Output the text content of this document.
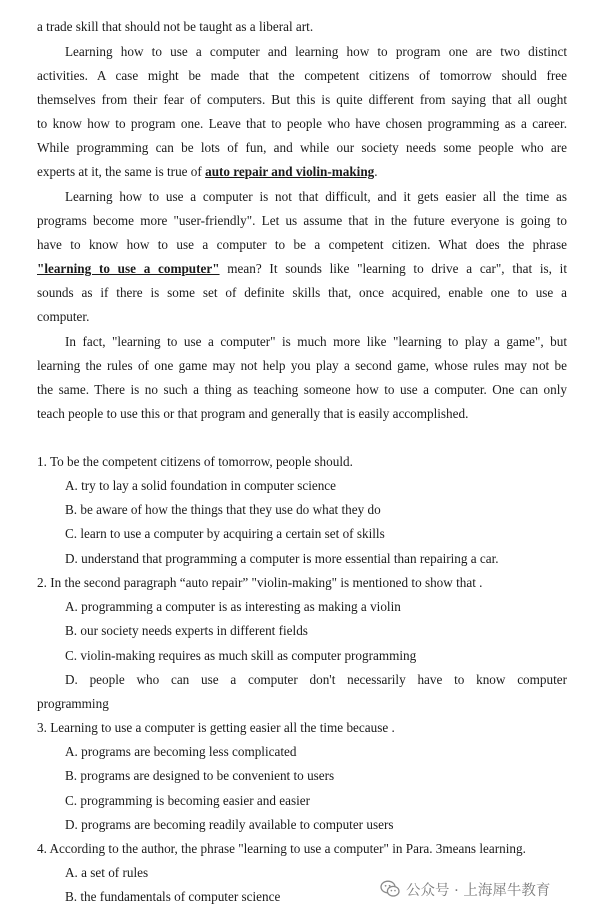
a trade skill that should not be taught as a liberal art.
Learning how to use a computer and learning how to program one are two distinct
activities. A case might be made that the competent citizens of tomorrow should free
themselves from their fear of computers. But this is quite different from saying that all ought
to know how to program one. Leave that to people who have chosen programming as a career.
While programming can be lots of fun, and while our society needs some people who are
experts at it, the same is true of auto repair and violin-making.
Learning how to use a computer is not that difficult, and it gets easier all the time as
programs become more "user-friendly". Let us assume that in the future everyone is going to
have to know how to use a computer to be a competent citizen. What does the phrase
"learning to use a computer" mean? It sounds like "learning to drive a car", that is, it
sounds as if there is some set of definite skills that, once acquired, enable one to use a
computer.
In fact, "learning to use a computer" is much more like "learning to play a game", but
learning the rules of one game may not help you play a second game, whose rules may not be
the same. There is no such a thing as teaching someone how to use a computer. One can only
teach people to use this or that program and generally that is easily accomplished.
1. To be the competent citizens of tomorrow, people should.
A. try to lay a solid foundation in computer science
B. be aware of how the things that they use do what they do
C. learn to use a computer by acquiring a certain set of skills
D. understand that programming a computer is more essential than repairing a car.
2. In the second paragraph “auto repair” "violin-making" is mentioned to show that .
A. programming a computer is as interesting as making a violin
B. our society needs experts in different fields
C. violin-making requires as much skill as computer programming
D. people who can use a computer don't necessarily have to know computer
programming
3. Learning to use a computer is getting easier all the time because .
A. programs are becoming less complicated
B. programs are designed to be convenient to users
C. programming is becoming easier and easier
D. programs are becoming readily available to computer users
4. According to the author, the phrase "learning to use a computer" in Para. 3means learning.
A. a set of rules
B. the fundamentals of computer science	公众号 · 上海犀牛教育
